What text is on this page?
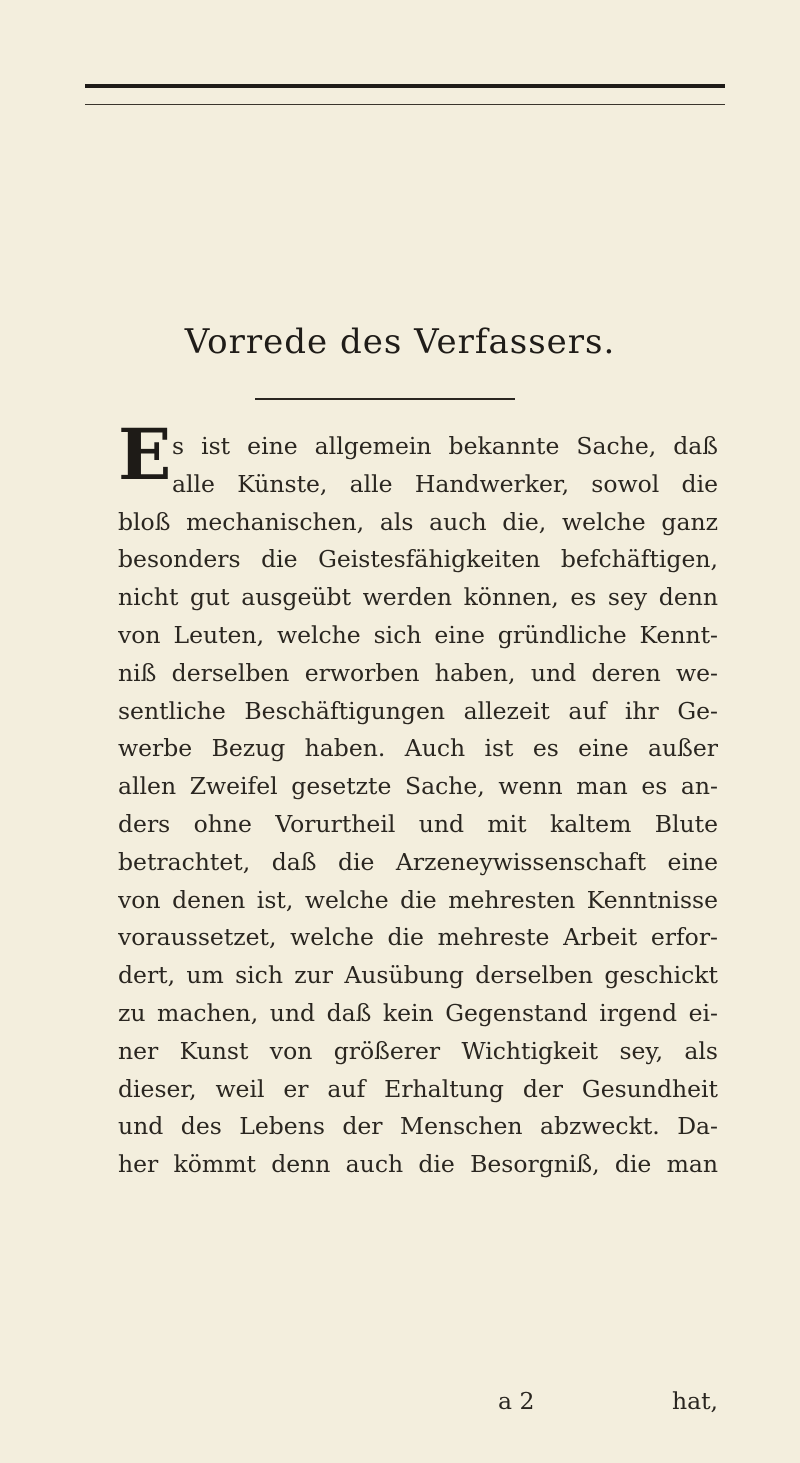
Vorrede des Verfassers.
E s ist eine allgemein bekannte Sache, daß
alle Künste, alle Handwerker, sowol die
bloß mechanischen, als auch die, welche ganz
besonders die Geistesfähigkeiten befchäftigen,
nicht gut ausgeübt werden können, es sey denn
von Leuten, welche sich eine gründliche Kennt-
niß derselben erworben haben, und deren we-
sentliche Beschäftigungen allezeit auf ihr Ge-
werbe Bezug haben. Auch ist es eine außer
allen Zweifel gesetzte Sache, wenn man es an-
ders ohne Vorurtheil und mit kaltem Blute
betrachtet, daß die Arzeneywissenschaft eine
von denen ist, welche die mehresten Kenntnisse
voraussetzet, welche die mehreste Arbeit erfor-
dert, um sich zur Ausübung derselben geschickt
zu machen, und daß kein Gegenstand irgend ei-
ner Kunst von größerer Wichtigkeit sey, als
dieser, weil er auf Erhaltung der Gesundheit
und des Lebens der Menschen abzweckt. Da-
her kömmt denn auch die Besorgniß, die man
a 2	hat,
